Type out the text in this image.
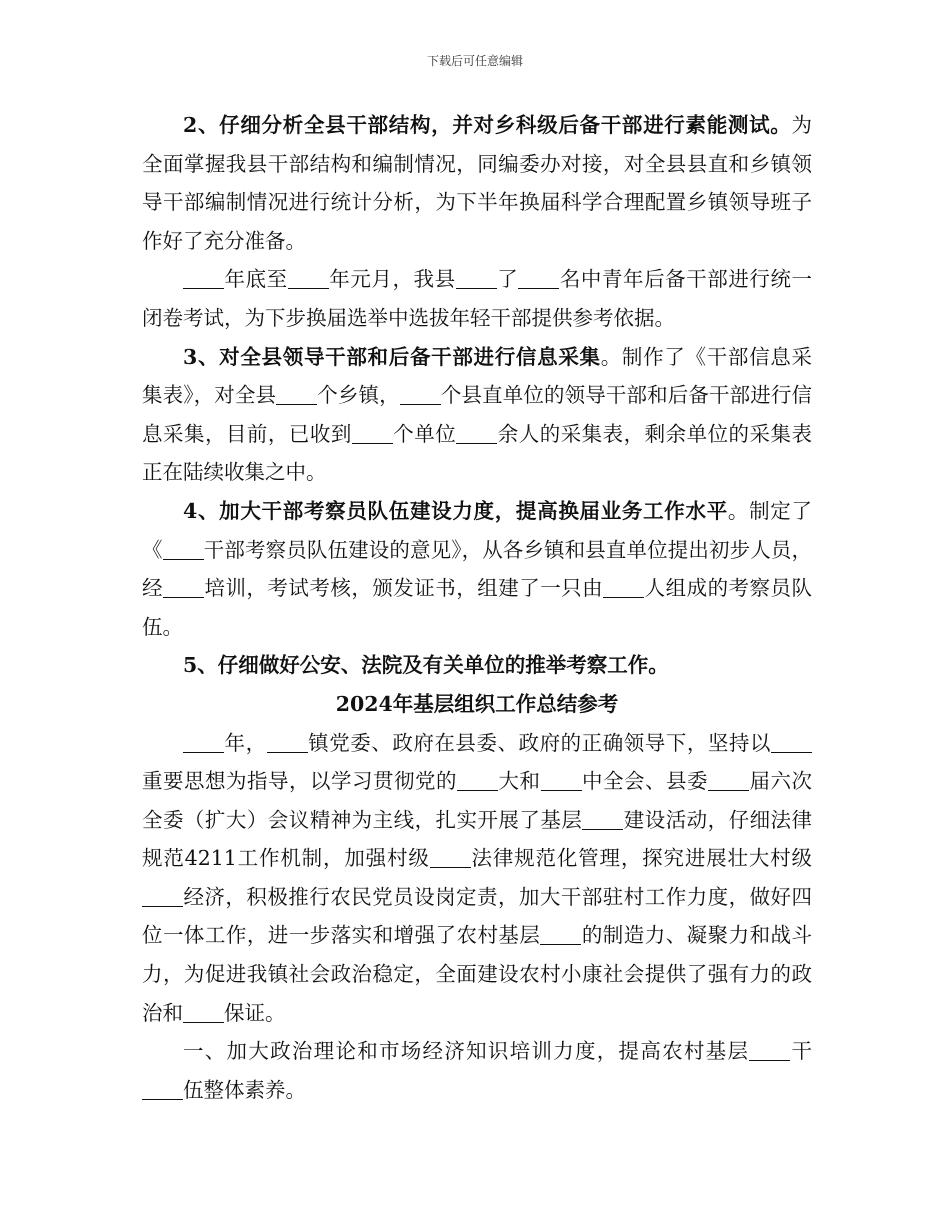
下载后可任意编辑

2、仔细分析全县干部结构，并对乡科级后备干部进行素能测试。为全面掌握我县干部结构和编制情况，同编委办对接，对全县县直和乡镇领导干部编制情况进行统计分析，为下半年换届科学合理配置乡镇领导班子作好了充分准备。

年底至 年元月，我县 了 名中青年后备干部进行统一闭卷考试，为下步换届选举中选拔年轻干部提供参考依据。

3、对全县领导干部和后备干部进行信息采集。制作了《干部信息采集表》，对全县 个乡镇， 个县直单位的领导干部和后备干部进行信息采集，目前，已收到 个单位 余人的采集表，剩余单位的采集表正在陆续收集之中。

4、加大干部考察员队伍建设力度，提高换届业务工作水平。制定了《 干部考察员队伍建设的意见》，从各乡镇和县直单位提出初步人员，经 培训，考试考核，颁发证书，组建了一只由 人组成的考察员队伍。

5、仔细做好公安、法院及有关单位的推举考察工作。

2024年基层组织工作总结参考

年， 镇党委、政府在县委、政府的正确领导下，坚持以重要思想为指导，以学习贯彻党的 大和 中全会、县委 届六次全委（扩大）会议精神为主线，扎实开展了基层 建设活动，仔细法律规范4211工作机制，加强村级 法律规范化管理，探究进展壮大村级经济，积极推行农民党员设岗定责，加大干部驻村工作力度，做好四位一体工作，进一步落实和增强了农村基层 的制造力、凝聚力和战斗力，为促进我镇社会政治稳定，全面建设农村小康社会提供了强有力的政治和 保证。

一、加大政治理论和市场经济知识培训力度，提高农村基层 干伍整体素养。
